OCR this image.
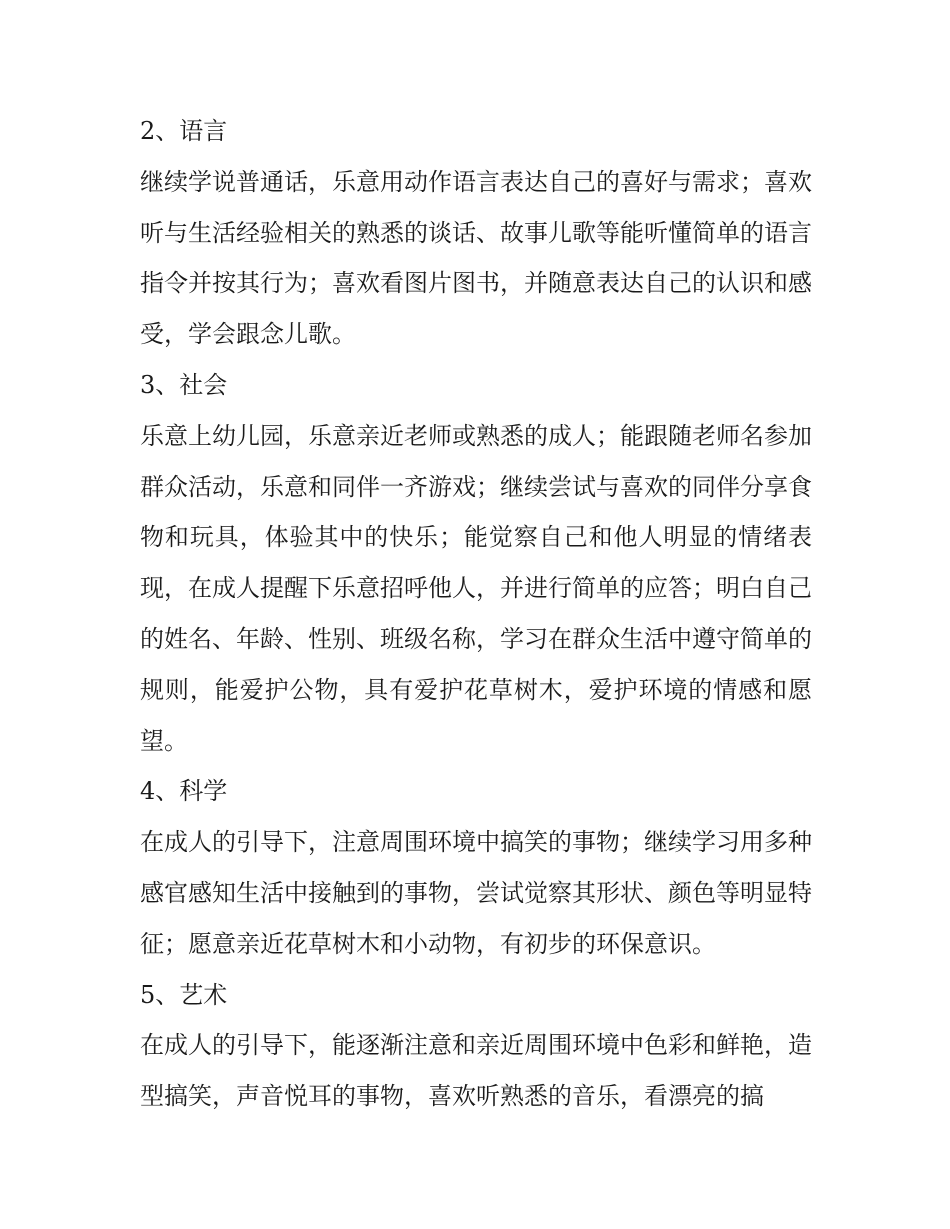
2、语言

继续学说普通话，乐意用动作语言表达自己的喜好与需求；喜欢听与生活经验相关的熟悉的谈话、故事儿歌等能听懂简单的语言指令并按其行为；喜欢看图片图书，并随意表达自己的认识和感受，学会跟念儿歌。

3、社会

乐意上幼儿园，乐意亲近老师或熟悉的成人；能跟随老师名参加群众活动，乐意和同伴一齐游戏；继续尝试与喜欢的同伴分享食物和玩具，体验其中的快乐；能觉察自己和他人明显的情绪表现，在成人提醒下乐意招呼他人，并进行简单的应答；明白自己的姓名、年龄、性别、班级名称，学习在群众生活中遵守简单的规则，能爱护公物，具有爱护花草树木，爱护环境的情感和愿望。

4、科学

在成人的引导下，注意周围环境中搞笑的事物；继续学习用多种感官感知生活中接触到的事物，尝试觉察其形状、颜色等明显特征；愿意亲近花草树木和小动物，有初步的环保意识。

5、艺术

在成人的引导下，能逐渐注意和亲近周围环境中色彩和鲜艳，造型搞笑，声音悦耳的事物，喜欢听熟悉的音乐，看漂亮的搞
